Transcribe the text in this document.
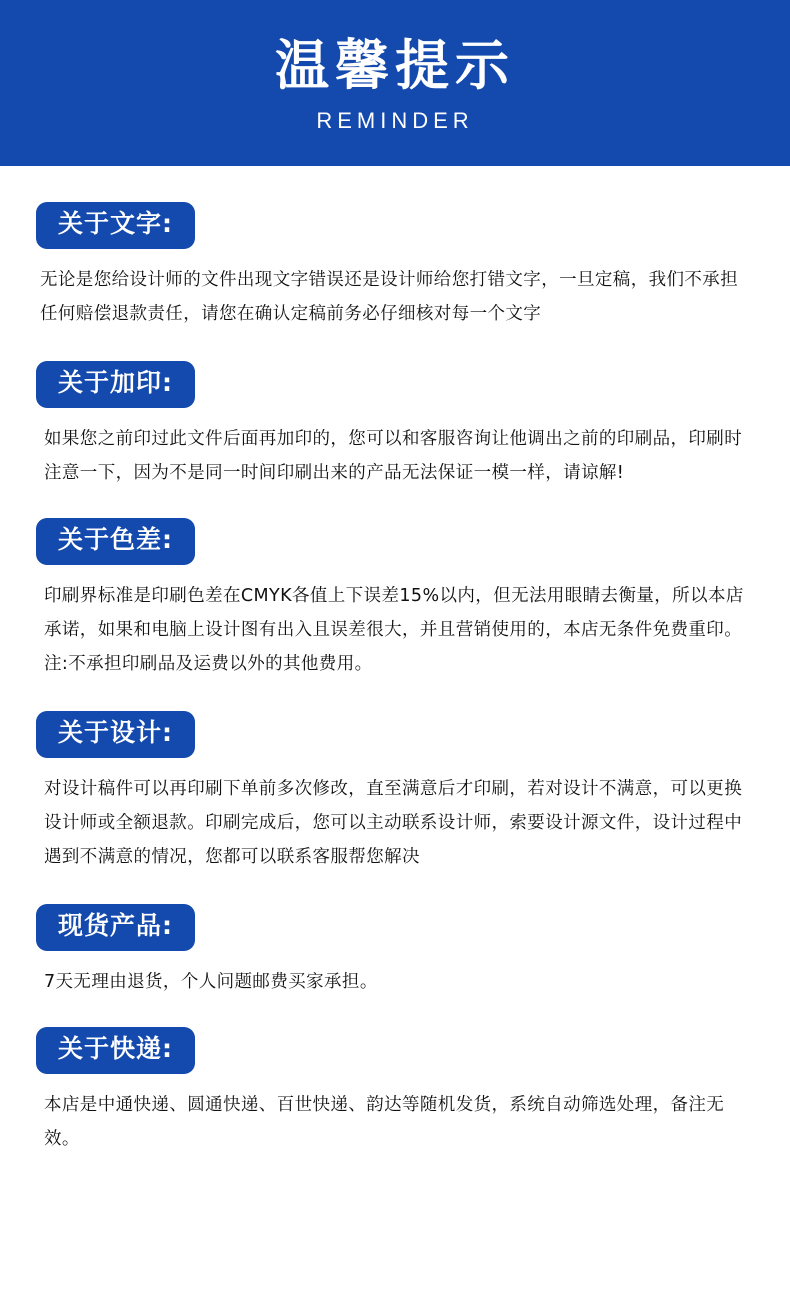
温馨提示
REMINDER
关于文字:

无论是您给设计师的文件出现文字错误还是设计师给您打错文字，一旦定稿，我们不承担任何赔偿退款责任，请您在确认定稿前务必仔细核对每一个文字

关于加印:

如果您之前印过此文件后面再加印的，您可以和客服咨询让他调出之前的印刷品，印刷时注意一下，因为不是同一时间印刷出来的产品无法保证一模一样，请谅解!

关于色差:

印刷界标准是印刷色差在CMYK各值上下误差15%以内，但无法用眼睛去衡量，所以本店承诺，如果和电脑上设计图有出入且误差很大，并且营销使用的，本店无条件免费重印。注:不承担印刷品及运费以外的其他费用。

关于设计:

对设计稿件可以再印刷下单前多次修改，直至满意后才印刷，若对设计不满意，可以更换设计师或全额退款。印刷完成后，您可以主动联系设计师，索要设计源文件，设计过程中遇到不满意的情况，您都可以联系客服帮您解决

现货产品:

7天无理由退货，个人问题邮费买家承担。

关于快递:

本店是中通快递、圆通快递、百世快递、韵达等随机发货，系统自动筛选处理，备注无效。
